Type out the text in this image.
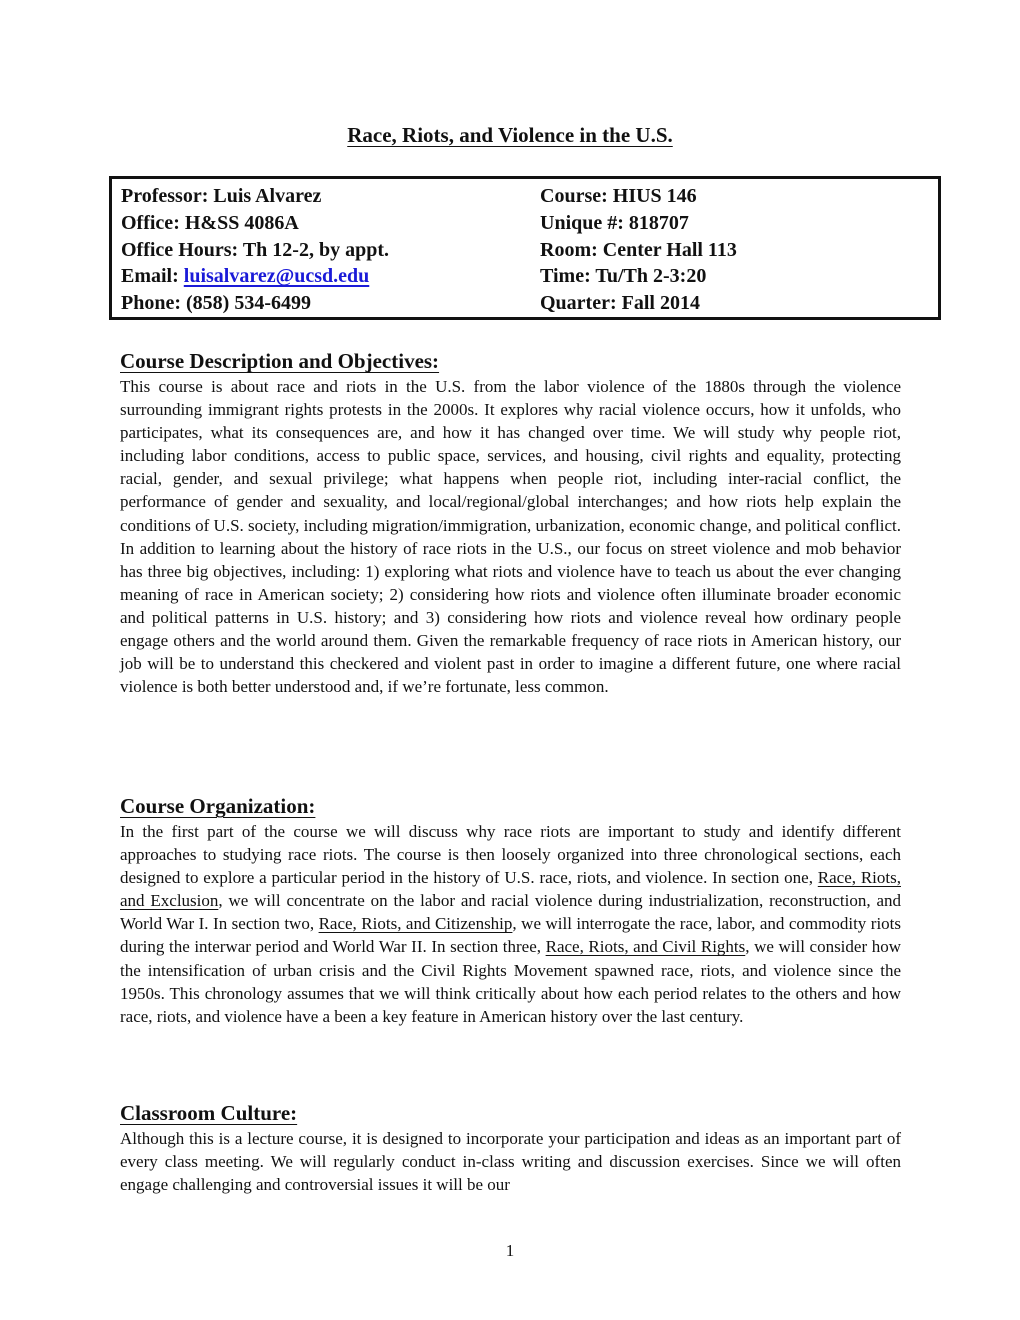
Race, Riots, and Violence in the U.S.
Professor: Luis Alvarez
Office: H&SS 4086A
Office Hours: Th 12-2, by appt.
Email: luisalvarez@ucsd.edu
Phone: (858) 534-6499
Course: HIUS 146
Unique #: 818707
Room: Center Hall 113
Time: Tu/Th 2-3:20
Quarter: Fall 2014
Course Description and Objectives:

This course is about race and riots in the U.S. from the labor violence of the 1880s through the violence surrounding immigrant rights protests in the 2000s. It explores why racial violence occurs, how it unfolds, who participates, what its consequences are, and how it has changed over time. We will study why people riot, including labor conditions, access to public space, services, and housing, civil rights and equality, protecting racial, gender, and sexual privilege; what happens when people riot, including inter-racial conflict, the performance of gender and sexuality, and local/regional/global interchanges; and how riots help explain the conditions of U.S. society, including migration/immigration, urbanization, economic change, and political conflict. In addition to learning about the history of race riots in the U.S., our focus on street violence and mob behavior has three big objectives, including: 1) exploring what riots and violence have to teach us about the ever changing meaning of race in American society; 2) considering how riots and violence often illuminate broader economic and political patterns in U.S. history; and 3) considering how riots and violence reveal how ordinary people engage others and the world around them. Given the remarkable frequency of race riots in American history, our job will be to understand this checkered and violent past in order to imagine a different future, one where racial violence is both better understood and, if we’re fortunate, less common.

Course Organization:

In the first part of the course we will discuss why race riots are important to study and identify different approaches to studying race riots. The course is then loosely organized into three chronological sections, each designed to explore a particular period in the history of U.S. race, riots, and violence. In section one, Race, Riots, and Exclusion, we will concentrate on the labor and racial violence during industrialization, reconstruction, and World War I. In section two, Race, Riots, and Citizenship, we will interrogate the race, labor, and commodity riots during the interwar period and World War II. In section three, Race, Riots, and Civil Rights, we will consider how the intensification of urban crisis and the Civil Rights Movement spawned race, riots, and violence since the 1950s. This chronology assumes that we will think critically about how each period relates to the others and how race, riots, and violence have a been a key feature in American history over the last century.

Classroom Culture:

Although this is a lecture course, it is designed to incorporate your participation and ideas as an important part of every class meeting. We will regularly conduct in-class writing and discussion exercises. Since we will often engage challenging and controversial issues it will be our

1
